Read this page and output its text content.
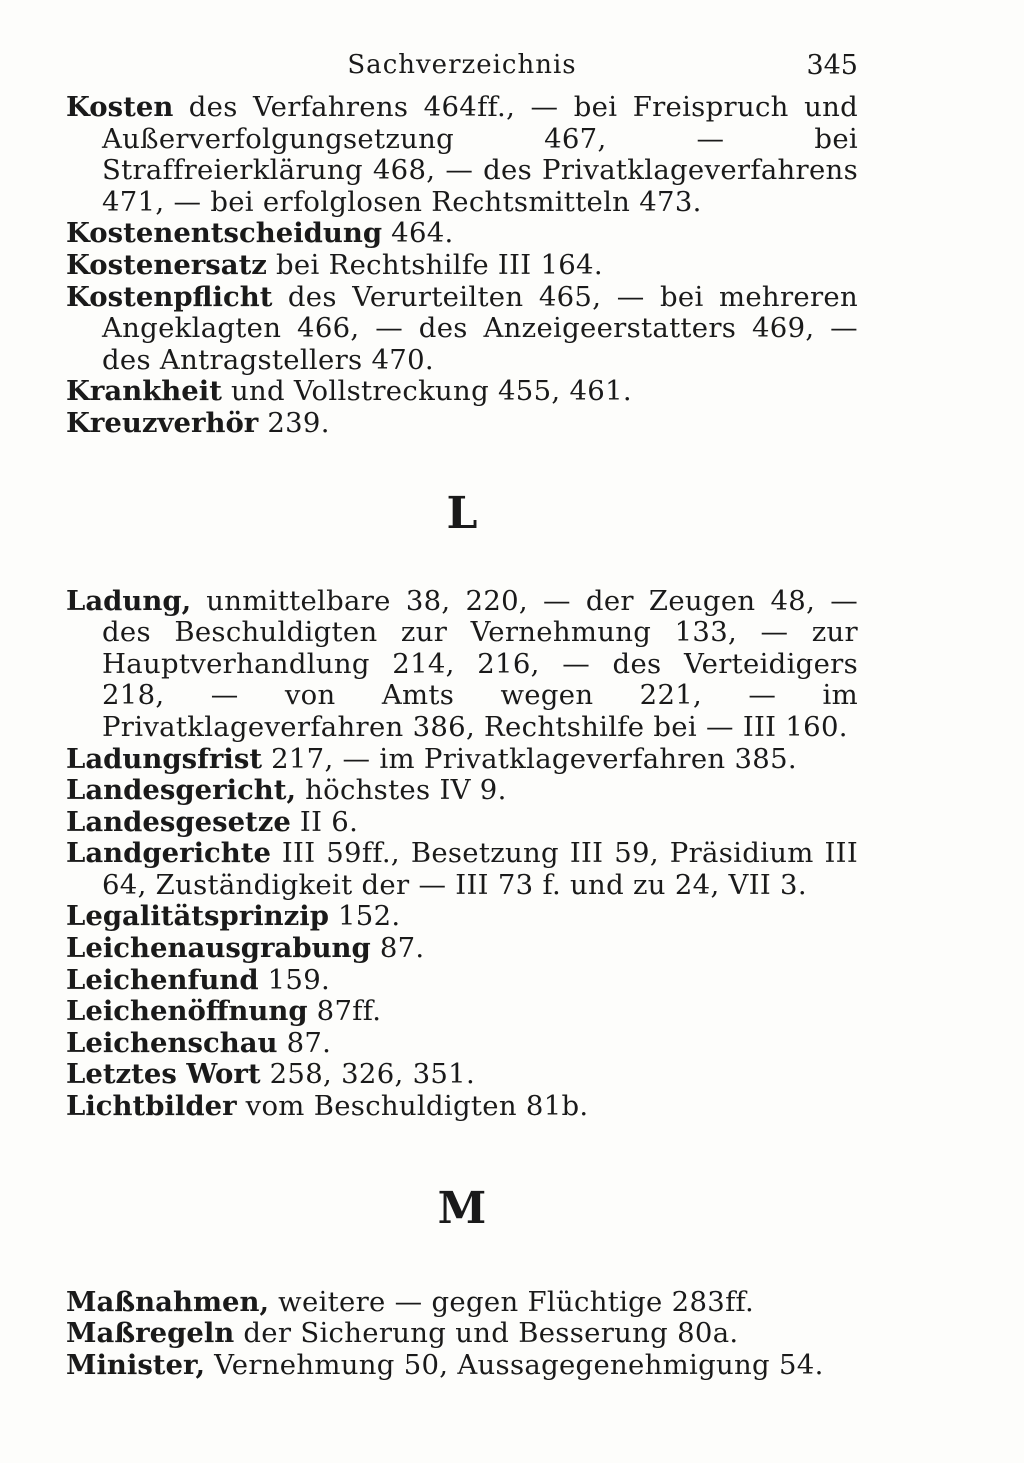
Sachverzeichnis	345
Kosten des Verfahrens 464ff., — bei Freispruch und Außerverfolgungsetzung 467, — bei Straffreierklärung 468, — des Privatklageverfahrens 471, — bei erfolglosen Rechtsmitteln 473.
Kostenentscheidung 464.
Kostenersatz bei Rechtshilfe III 164.
Kostenpflicht des Verurteilten 465, — bei mehreren Angeklagten 466, — des Anzeigeerstatters 469, — des Antragstellers 470.
Krankheit und Vollstreckung 455, 461.
Kreuzverhör 239.
L
Ladung, unmittelbare 38, 220, — der Zeugen 48, — des Beschuldigten zur Vernehmung 133, — zur Hauptverhandlung 214, 216, — des Verteidigers 218, — von Amts wegen 221, — im Privatklageverfahren 386, Rechtshilfe bei — III 160.
Ladungsfrist 217, — im Privatklageverfahren 385.
Landesgericht, höchstes IV 9.
Landesgesetze II 6.
Landgerichte III 59ff., Besetzung III 59, Präsidium III 64, Zuständigkeit der — III 73 f. und zu 24, VII 3.
Legalitätsprinzip 152.
Leichenausgrabung 87.
Leichenfund 159.
Leichenöffnung 87ff.
Leichenschau 87.
Letztes Wort 258, 326, 351.
Lichtbilder vom Beschuldigten 81b.
M
Maßnahmen, weitere — gegen Flüchtige 283ff.
Maßregeln der Sicherung und Besserung 80a.
Minister, Vernehmung 50, Aussagegenehmigung 54.
